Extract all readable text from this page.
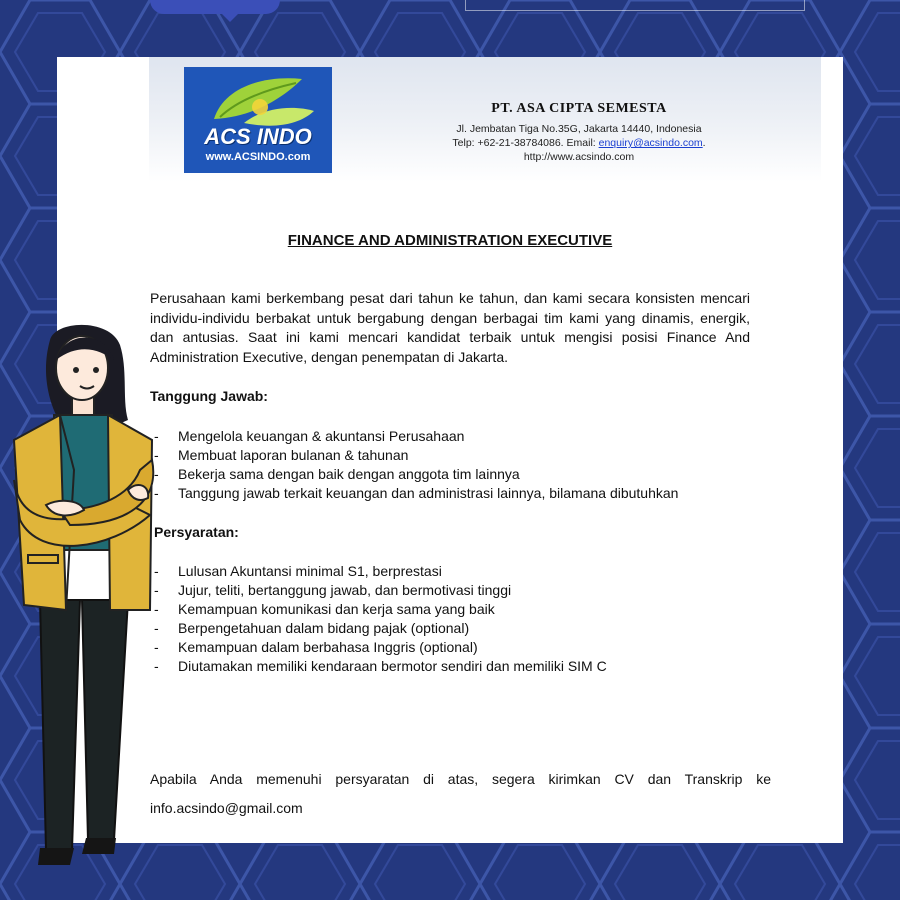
ACS INDO
www.ACSINDO.com
PT. ASA CIPTA SEMESTA
Jl. Jembatan Tiga No.35G, Jakarta 14440, Indonesia
Telp: +62-21-38784086. Email: enquiry@acsindo.com.
http://www.acsindo.com
FINANCE AND ADMINISTRATION EXECUTIVE
Perusahaan kami berkembang pesat dari tahun ke tahun, dan kami secara konsisten mencari individu-individu berbakat untuk bergabung dengan berbagai tim kami yang dinamis, energik, dan antusias. Saat ini kami mencari kandidat terbaik untuk mengisi posisi Finance And Administration Executive, dengan penempatan di Jakarta.
Tanggung Jawab:
- Mengelola keuangan & akuntansi Perusahaan
- Membuat laporan bulanan & tahunan
- Bekerja sama dengan baik dengan anggota tim lainnya
- Tanggung jawab terkait keuangan dan administrasi lainnya, bilamana dibutuhkan
Persyaratan:
- Lulusan Akuntansi minimal S1, berprestasi
- Jujur, teliti, bertanggung jawab, dan bermotivasi tinggi
- Kemampuan komunikasi dan kerja sama yang baik
- Berpengetahuan dalam bidang pajak (optional)
- Kemampuan dalam berbahasa Inggris (optional)
- Diutamakan memiliki kendaraan bermotor sendiri dan memiliki SIM C
Apabila Anda memenuhi persyaratan di atas, segera kirimkan CV dan Transkrip ke
info.acsindo@gmail.com
